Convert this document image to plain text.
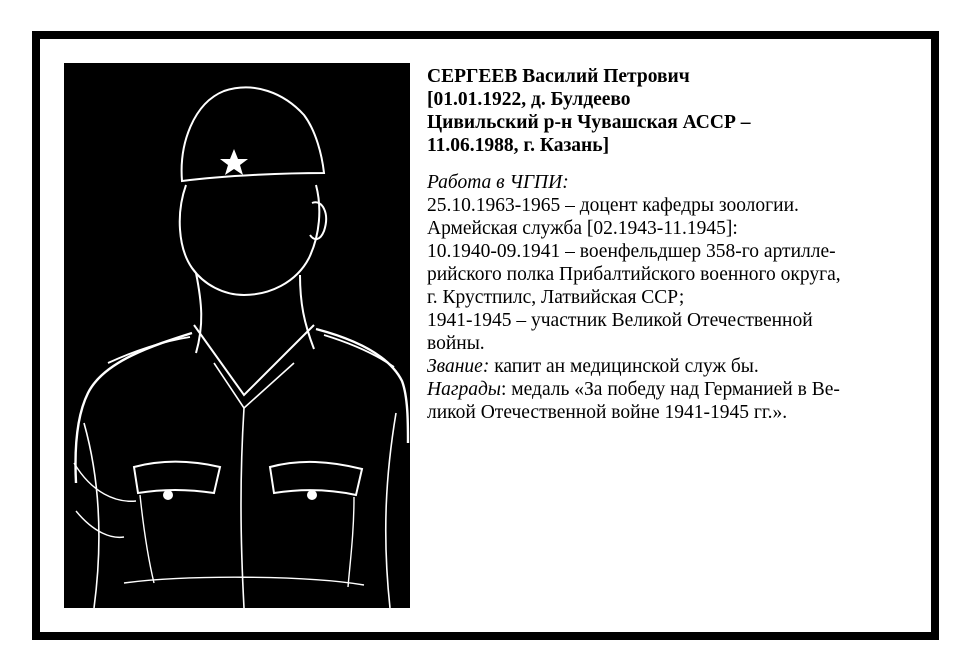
СЕРГЕЕВ Василий Петрович
[01.01.1922, д. Булдеево
Цивильский р-н Чувашская АССР –
11.06.1988, г. Казань]
Работа в ЧГПИ:
25.10.1963-1965 – доцент кафедры зоологии.
Армейская служба [02.1943-11.1945]:
10.1940-09.1941 – военфельдшер 358-го артилле-
рийского полка Прибалтийского военного округа,
г. Крустпилс, Латвийская ССР;
1941-1945 – участник Великой Отечественной
войны.
Звание: капит ан медицинской служ бы.
Награды: медаль «За победу над Германией в Ве-
ликой Отечественной войне 1941-1945 гг.».
